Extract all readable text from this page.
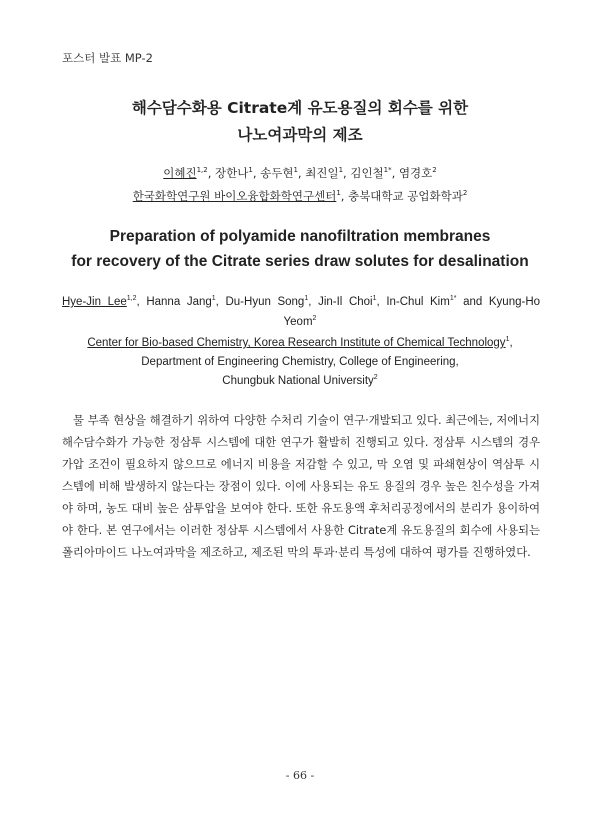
포스터 발표 MP-2
해수담수화용 Citrate계 유도용질의 회수를 위한
나노여과막의 제조
이혜진$^{1,2}$, 장한나$^1$, 송두현$^1$, 최진일$^1$, 김인철$^{1*}$, 염경호$^2$
한국화학연구원 바이오융합화학연구센터$^1$, 충북대학교 공업화학과$^2$
Preparation of polyamide nanofiltration membranes
for recovery of the Citrate series draw solutes for desalination
Hye-Jin Lee$^{1,2}$, Hanna Jang$^1$, Du-Hyun Song$^1$, Jin-Il Choi$^1$, In-Chul Kim$^{1*}$ and Kyung-Ho
Yeom$^2$
Center for Bio-based Chemistry, Korea Research Institute of Chemical Technology$^1$,
Department of Engineering Chemistry, College of Engineering,
Chungbuk National University$^2$

물 부족 현상을 해결하기 위하여 다양한 수처리 기술이 연구·개발되고 있다. 최근에는, 저에너지 해수담수화가 가능한 정삼투 시스템에 대한 연구가 활발히 진행되고 있다. 정삼투 시스템의 경우 가압 조건이 필요하지 않으므로 에너지 비용을 저감할 수 있고, 막 오염 및 파쇄현상이 역삼투 시스템에 비해 발생하지 않는다는 장점이 있다. 이에 사용되는 유도 용질의 경우 높은 친수성을 가져야 하며, 농도 대비 높은 삼투압을 보여야 한다. 또한 유도용액 후처리공정에서의 분리가 용이하여야 한다. 본 연구에서는 이러한 정삼투 시스템에서 사용한 Citrate계 유도용질의 회수에 사용되는 폴리아마이드 나노여과막을 제조하고, 제조된 막의 투과·분리 특성에 대하여 평가를 진행하였다.

- 66 -
